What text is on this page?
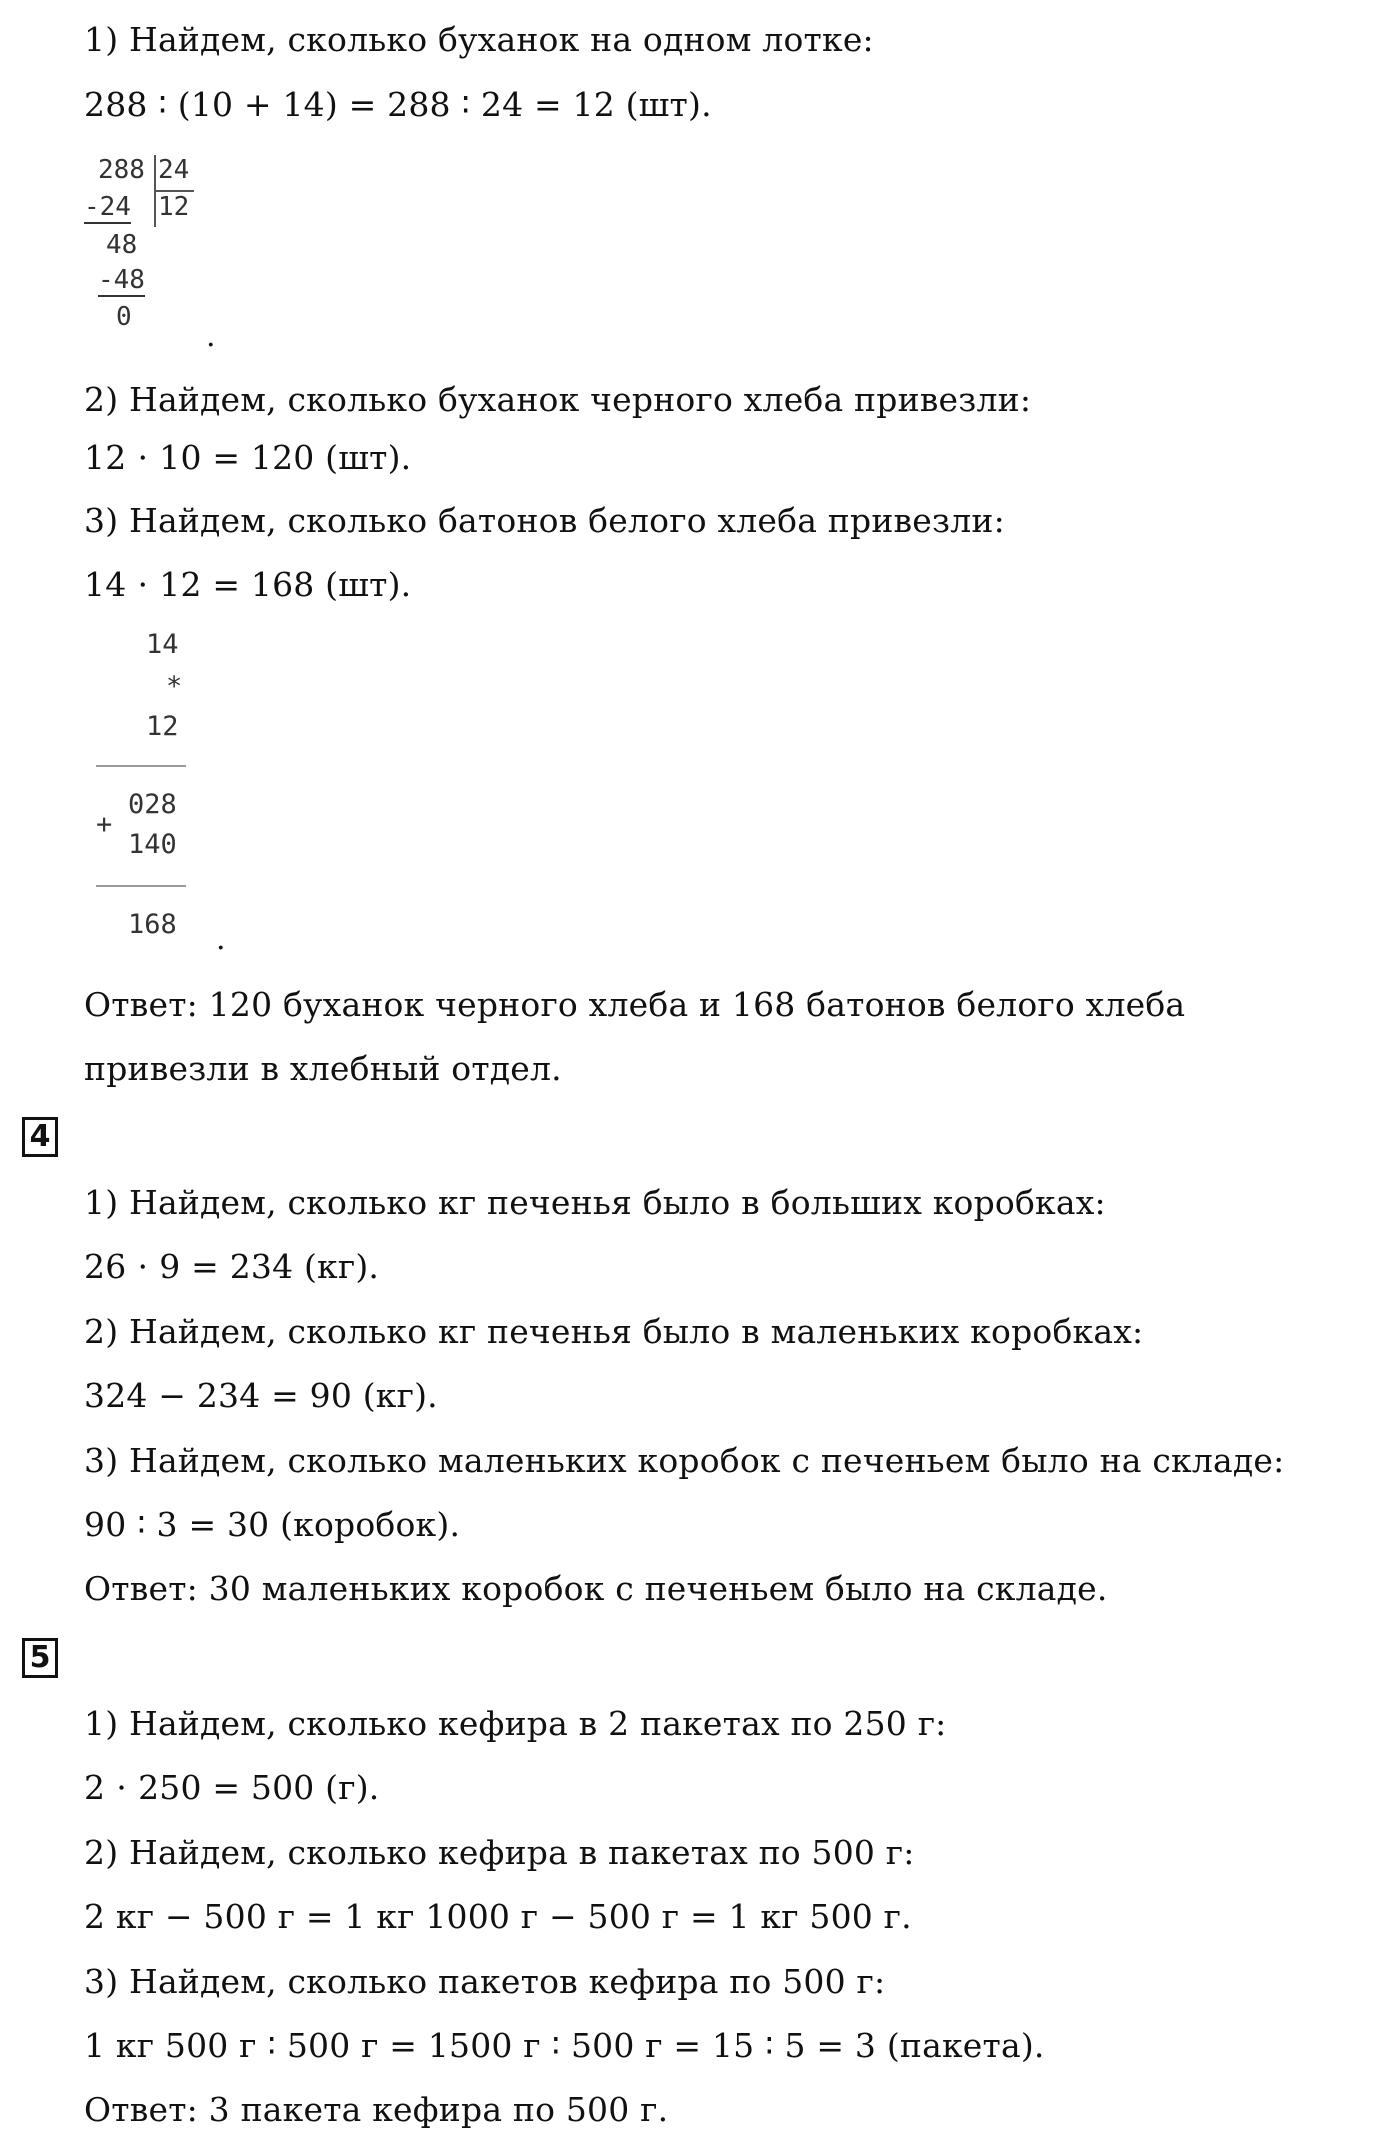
1) Найдем, сколько буханок на одном лотке:
288 ∶ (10 + 14) = 288 ∶ 24 = 12 (шт).
288 24
12
-24
48
-48
0
.
2) Найдем, сколько буханок черного хлеба привезли:
12 ⋅ 10 = 120 (шт).
3) Найдем, сколько батонов белого хлеба привезли:
14 ⋅ 12 = 168 (шт).
14
*
12
028
+
140
168 .
Ответ: 120 буханок черного хлеба и 168 батонов белого хлеба
привезли в хлебный отдел.
4
1) Найдем, сколько кг печенья было в больших коробках:
26 ⋅ 9 = 234 (кг).
2) Найдем, сколько кг печенья было в маленьких коробках:
324 − 234 = 90 (кг).
3) Найдем, сколько маленьких коробок с печеньем было на складе:
90 ∶ 3 = 30 (коробок).
Ответ: 30 маленьких коробок с печеньем было на складе.
5
1) Найдем, сколько кефира в 2 пакетах по 250 г:
2 ⋅ 250 = 500 (г).
2) Найдем, сколько кефира в пакетах по 500 г:
2 кг − 500 г = 1 кг 1000 г − 500 г = 1 кг 500 г.
3) Найдем, сколько пакетов кефира по 500 г:
1 кг 500 г ∶ 500 г = 1500 г ∶ 500 г = 15 ∶ 5 = 3 (пакета).
Ответ: 3 пакета кефира по 500 г.
